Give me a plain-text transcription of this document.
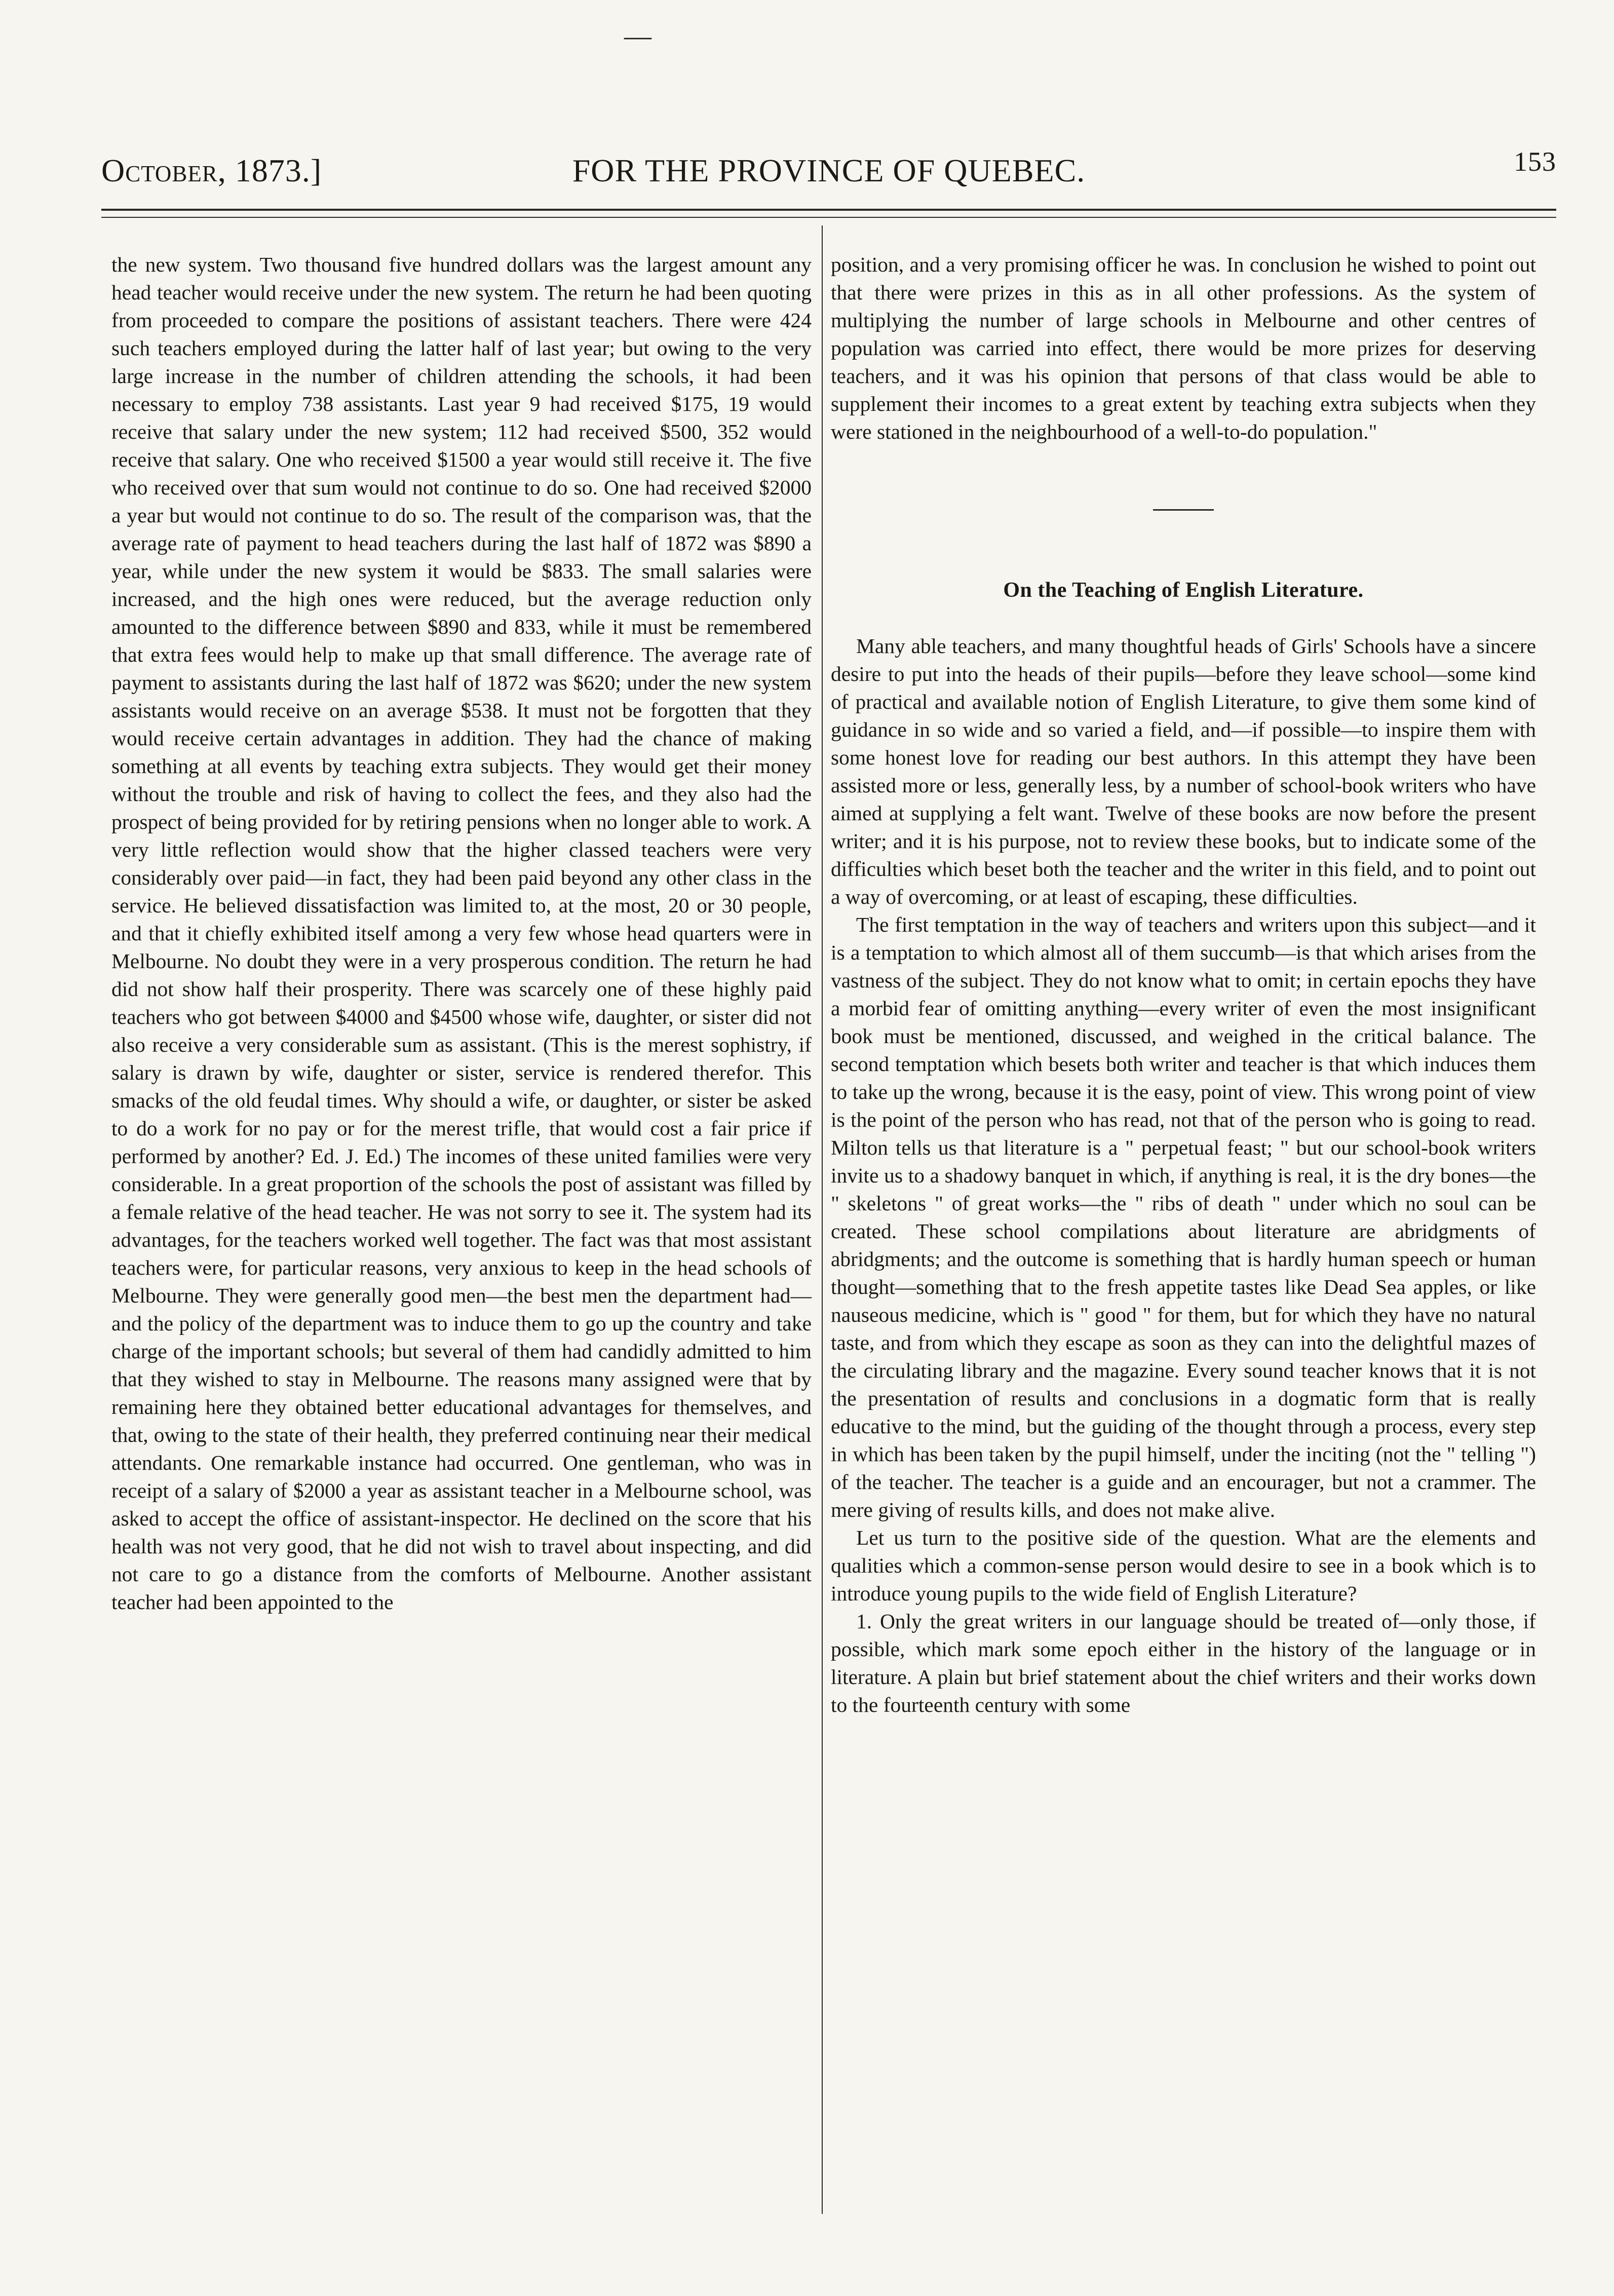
—
October, 1873.]	FOR THE PROVINCE OF QUEBEC.	153

the new system. Two thousand five hundred dollars was the largest amount any head teacher would receive under the new system. The return he had been quoting from proceeded to compare the positions of assistant teachers. There were 424 such teachers employed during the latter half of last year; but owing to the very large increase in the number of children attending the schools, it had been necessary to employ 738 assistants. Last year 9 had received $175, 19 would receive that salary under the new system; 112 had received $500, 352 would receive that salary. One who received $1500 a year would still receive it. The five who received over that sum would not continue to do so. One had received $2000 a year but would not continue to do so. The result of the comparison was, that the average rate of payment to head teachers during the last half of 1872 was $890 a year, while under the new system it would be $833. The small salaries were increased, and the high ones were reduced, but the average reduction only amounted to the difference between $890 and 833, while it must be remembered that extra fees would help to make up that small difference. The average rate of payment to assistants during the last half of 1872 was $620; under the new system assistants would receive on an average $538. It must not be forgotten that they would receive certain advantages in addition. They had the chance of making something at all events by teaching extra subjects. They would get their money without the trouble and risk of having to collect the fees, and they also had the prospect of being provided for by retiring pensions when no longer able to work. A very little reflection would show that the higher classed teachers were very considerably over paid—in fact, they had been paid beyond any other class in the service. He believed dissatisfaction was limited to, at the most, 20 or 30 people, and that it chiefly exhibited itself among a very few whose head quarters were in Melbourne. No doubt they were in a very prosperous condition. The return he had did not show half their prosperity. There was scarcely one of these highly paid teachers who got between $4000 and $4500 whose wife, daughter, or sister did not also receive a very considerable sum as assistant. (This is the merest sophistry, if salary is drawn by wife, daughter or sister, service is rendered therefor. This smacks of the old feudal times. Why should a wife, or daughter, or sister be asked to do a work for no pay or for the merest trifle, that would cost a fair price if performed by another? Ed. J. Ed.) The incomes of these united families were very considerable. In a great proportion of the schools the post of assistant was filled by a female relative of the head teacher. He was not sorry to see it. The system had its advantages, for the teachers worked well together. The fact was that most assistant teachers were, for particular reasons, very anxious to keep in the head schools of Melbourne. They were generally good men—the best men the department had—and the policy of the department was to induce them to go up the country and take charge of the important schools; but several of them had candidly admitted to him that they wished to stay in Melbourne. The reasons many assigned were that by remaining here they obtained better educational advantages for themselves, and that, owing to the state of their health, they preferred continuing near their medical attendants. One remarkable instance had occurred. One gentleman, who was in receipt of a salary of $2000 a year as assistant teacher in a Melbourne school, was asked to accept the office of assistant-inspector. He declined on the score that his health was not very good, that he did not wish to travel about inspecting, and did not care to go a distance from the comforts of Melbourne. Another assistant teacher had been appointed to the

position, and a very promising officer he was. In conclusion he wished to point out that there were prizes in this as in all other professions. As the system of multiplying the number of large schools in Melbourne and other centres of population was carried into effect, there would be more prizes for deserving teachers, and it was his opinion that persons of that class would be able to supplement their incomes to a great extent by teaching extra subjects when they were stationed in the neighbourhood of a well-to-do population."

On the Teaching of English Literature.

Many able teachers, and many thoughtful heads of Girls' Schools have a sincere desire to put into the heads of their pupils—before they leave school—some kind of practical and available notion of English Literature, to give them some kind of guidance in so wide and so varied a field, and—if possible—to inspire them with some honest love for reading our best authors. In this attempt they have been assisted more or less, generally less, by a number of school-book writers who have aimed at supplying a felt want. Twelve of these books are now before the present writer; and it is his purpose, not to review these books, but to indicate some of the difficulties which beset both the teacher and the writer in this field, and to point out a way of overcoming, or at least of escaping, these difficulties.

The first temptation in the way of teachers and writers upon this subject—and it is a temptation to which almost all of them succumb—is that which arises from the vastness of the subject. They do not know what to omit; in certain epochs they have a morbid fear of omitting anything—every writer of even the most insignificant book must be mentioned, discussed, and weighed in the critical balance. The second temptation which besets both writer and teacher is that which induces them to take up the wrong, because it is the easy, point of view. This wrong point of view is the point of the person who has read, not that of the person who is going to read. Milton tells us that literature is a " perpetual feast; " but our school-book writers invite us to a shadowy banquet in which, if anything is real, it is the dry bones—the " skeletons " of great works—the " ribs of death " under which no soul can be created. These school compilations about literature are abridgments of abridgments; and the outcome is something that is hardly human speech or human thought—something that to the fresh appetite tastes like Dead Sea apples, or like nauseous medicine, which is " good " for them, but for which they have no natural taste, and from which they escape as soon as they can into the delightful mazes of the circulating library and the magazine. Every sound teacher knows that it is not the presentation of results and conclusions in a dogmatic form that is really educative to the mind, but the guiding of the thought through a process, every step in which has been taken by the pupil himself, under the inciting (not the " telling ") of the teacher. The teacher is a guide and an encourager, but not a crammer. The mere giving of results kills, and does not make alive.

Let us turn to the positive side of the question. What are the elements and qualities which a common-sense person would desire to see in a book which is to introduce young pupils to the wide field of English Literature?

1. Only the great writers in our language should be treated of—only those, if possible, which mark some epoch either in the history of the language or in literature. A plain but brief statement about the chief writers and their works down to the fourteenth century with some
